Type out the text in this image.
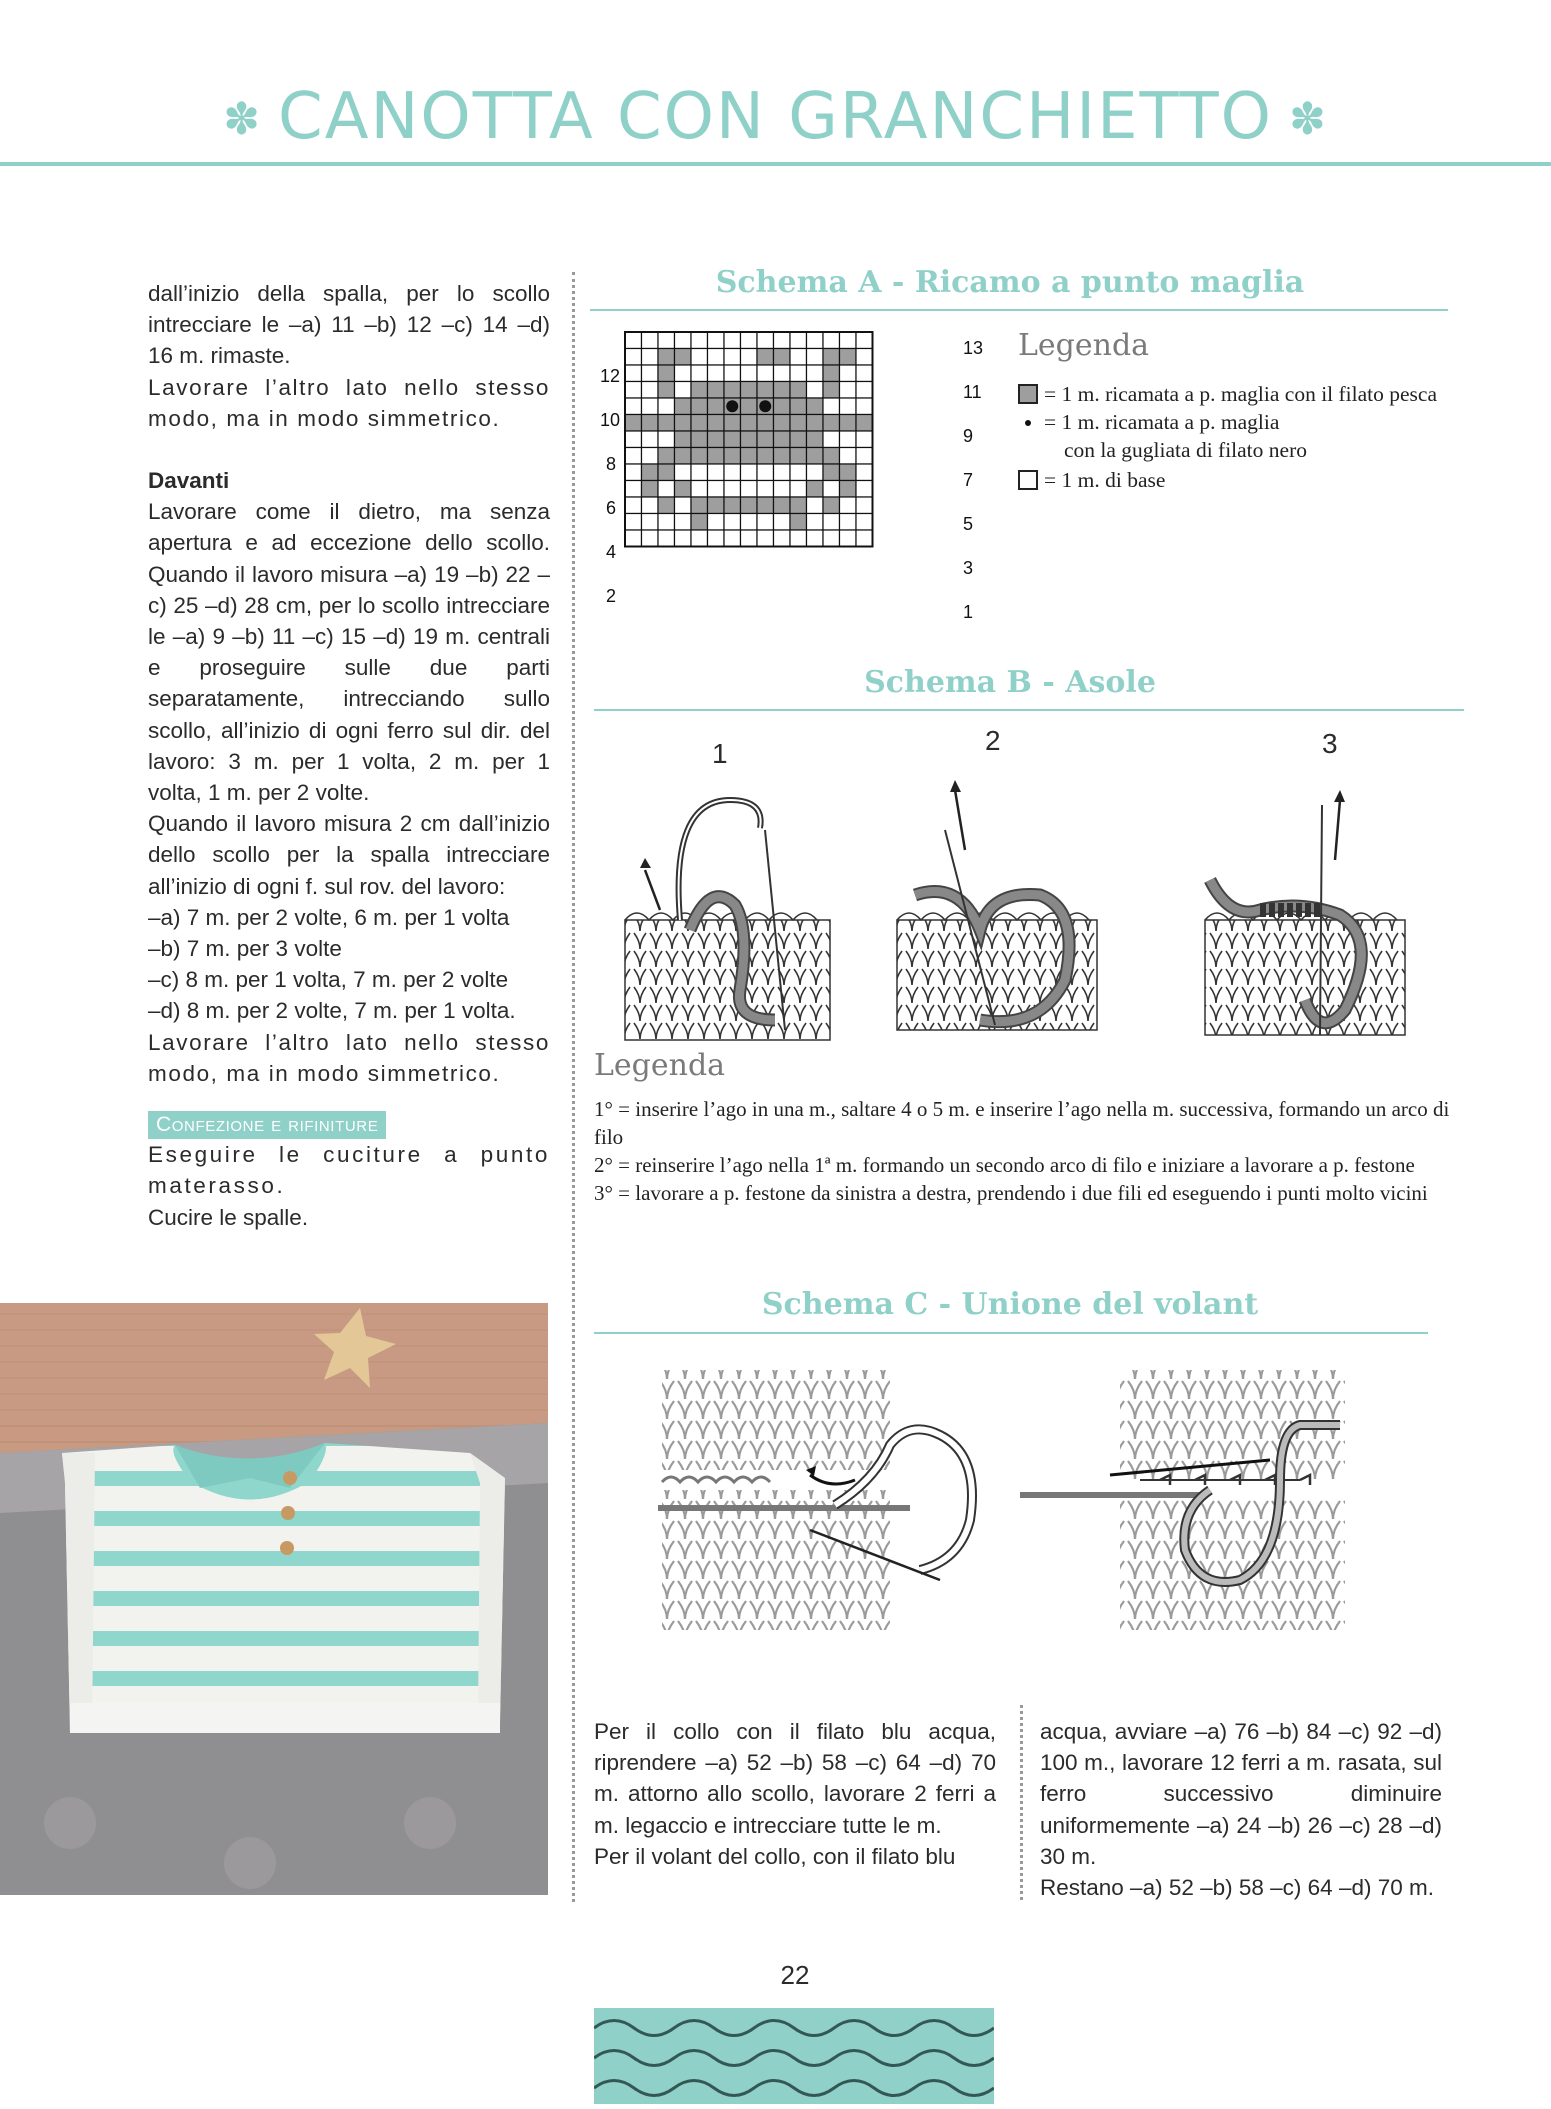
✽ CANOTTA CON GRANCHIETTO ✽

dall’inizio della spalla, per lo scollo intrecciare le –a) 11 –b) 12 –c) 14 –d) 16 m. rimaste.

Lavorare l’altro lato nello stesso modo, ma in modo simmetrico.

Davanti

Lavorare come il dietro, ma senza apertura e ad eccezione dello scollo. Quando il lavoro misura –a) 19 –b) 22 –c) 25 –d) 28 cm, per lo scollo intrecciare le –a) 9 –b) 11 –c) 15 –d) 19 m. centrali e proseguire sulle due parti separatamente, intrecciando sullo scollo, all’inizio di ogni ferro sul dir. del lavoro: 3 m. per 1 volta, 2 m. per 1 volta, 1 m. per 2 volte.

Quando il lavoro misura 2 cm dall’inizio dello scollo per la spalla intrecciare all’inizio di ogni f. sul rov. del lavoro:

–a) 7 m. per 2 volte, 6 m. per 1 volta

–b) 7 m. per 3 volte

–c) 8 m. per 1 volta, 7 m. per 2 volte

–d) 8 m. per 2 volte, 7 m. per 1 volta.

Lavorare l’altro lato nello stesso modo, ma in modo simmetrico.

Confezione e rifiniture

Eseguire le cuciture a punto materasso.

Cucire le spalle.

Schema A - Ricamo a punto maglia
12
10
8
6
4
2
13
11
9
7
5
3
1
Legenda
= 1 m. ricamata a p. maglia con il filato pesca
= 1 m. ricamata a p. maglia
con la gugliata di filato nero
= 1 m. di base
Schema B - Asole
1	2	3
Legenda
1° = inserire l’ago in una m., saltare 4 o 5 m. e inserire l’ago nella m. successiva, formando un arco di filo
2° = reinserire l’ago nella 1ª m. formando un secondo arco di filo e iniziare a lavorare a p. festone
3° = lavorare a p. festone da sinistra a destra, prendendo i due fili ed eseguendo i punti molto vicini
Schema C - Unione del volant

Per il collo con il filato blu acqua, riprendere –a) 52 –b) 58 –c) 64 –d) 70 m. attorno allo scollo, lavorare 2 ferri a m. legaccio e intrecciare tutte le m.

Per il volant del collo, con il filato blu

acqua, avviare –a) 76 –b) 84 –c) 92 –d) 100 m., lavorare 12 ferri a m. rasata, sul ferro successivo diminuire uniformemente –a) 24 –b) 26 –c) 28 –d) 30 m.

Restano –a) 52 –b) 58 –c) 64 –d) 70 m.

22
